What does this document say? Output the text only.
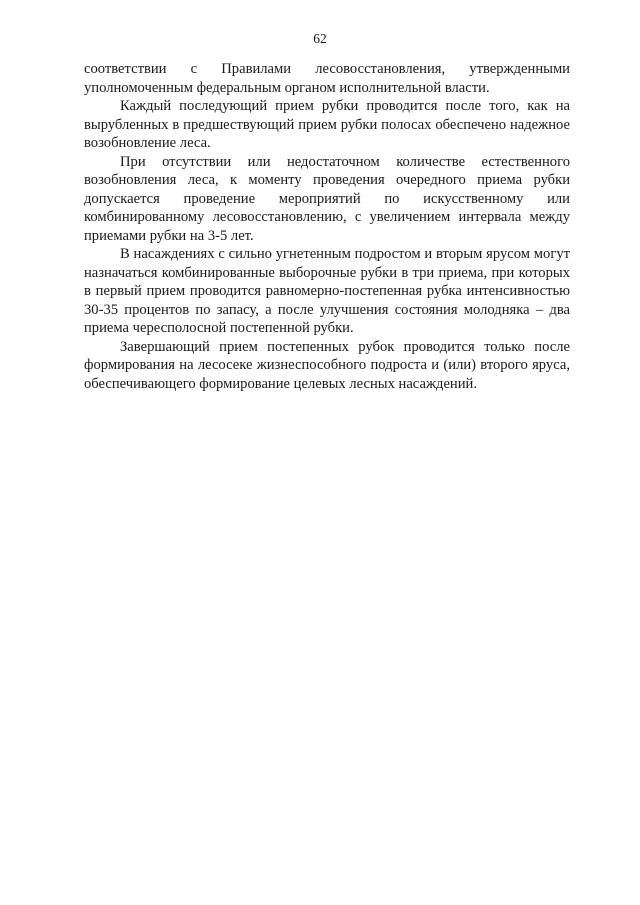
62

соответствии с Правилами лесовосстановления, утвержденными уполномоченным федеральным органом исполнительной власти.

Каждый последующий прием рубки проводится после того, как на вырубленных в предшествующий прием рубки полосах обеспечено надежное возобновление леса.

При отсутствии или недостаточном количестве естественного возобновления леса, к моменту проведения очередного приема рубки допускается проведение мероприятий по искусственному или комбинированному лесовосстановлению, с увеличением интервала между приемами рубки на 3-5 лет.

В насаждениях с сильно угнетенным подростом и вторым ярусом могут назначаться комбинированные выборочные рубки в три приема, при которых в первый прием проводится равномерно-постепенная рубка интенсивностью 30-35 процентов по запасу, а после улучшения состояния молодняка – два приема чересполосной постепенной рубки.

Завершающий прием постепенных рубок проводится только после формирования на лесосеке жизнеспособного подроста и (или) второго яруса, обеспечивающего формирование целевых лесных насаждений.
